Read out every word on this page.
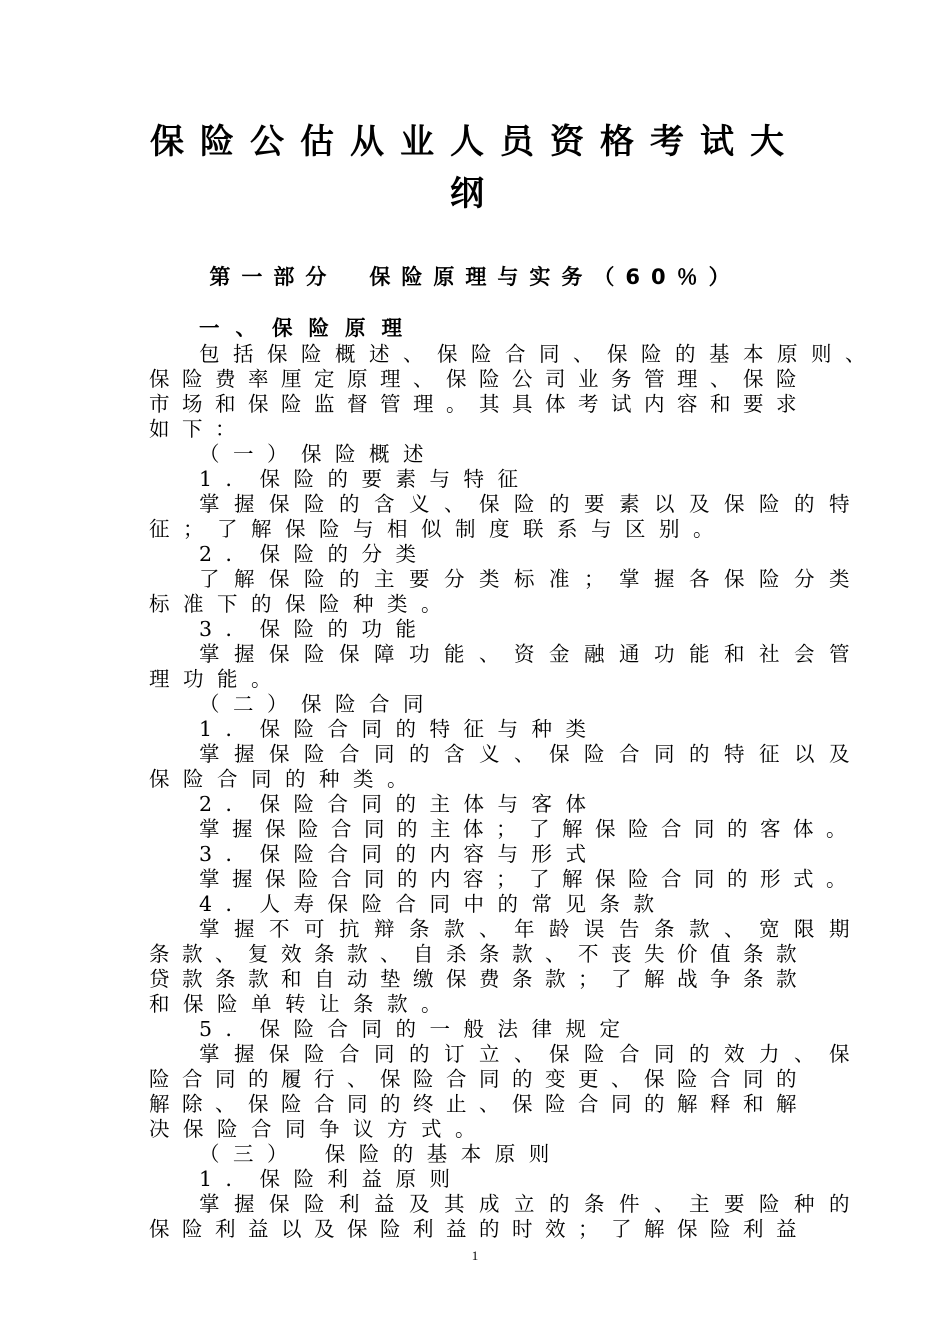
保险公估从业人员资格考试大
纲
第一部分　保险原理与实务（60％）
一、保险原理
包括保险概述、保险合同、保险的基本原则、
保险费率厘定原理、保险公司业务管理、保险
市场和保险监督管理。其具体考试内容和要求
如下：
（一）保险概述
1．保险的要素与特征
掌握保险的含义、保险的要素以及保险的特
征；了解保险与相似制度联系与区别。
2．保险的分类
了解保险的主要分类标准；掌握各保险分类
标准下的保险种类。
3．保险的功能
掌握保险保障功能、资金融通功能和社会管
理功能。
（二）保险合同
1．保险合同的特征与种类
掌握保险合同的含义、保险合同的特征以及
保险合同的种类。
2．保险合同的主体与客体
掌握保险合同的主体；了解保险合同的客体。
3．保险合同的内容与形式
掌握保险合同的内容；了解保险合同的形式。
4．人寿保险合同中的常见条款
掌握不可抗辩条款、年龄误告条款、宽限期
条款、复效条款、自杀条款、不丧失价值条款
贷款条款和自动垫缴保费条款；了解战争条款
和保险单转让条款。
5．保险合同的一般法律规定
掌握保险合同的订立、保险合同的效力、保
险合同的履行、保险合同的变更、保险合同的
解除、保险合同的终止、保险合同的解释和解
决保险合同争议方式。
（三）　保险的基本原则
1．保险利益原则
掌握保险利益及其成立的条件、主要险种的
保险利益以及保险利益的时效；了解保险利益
1
